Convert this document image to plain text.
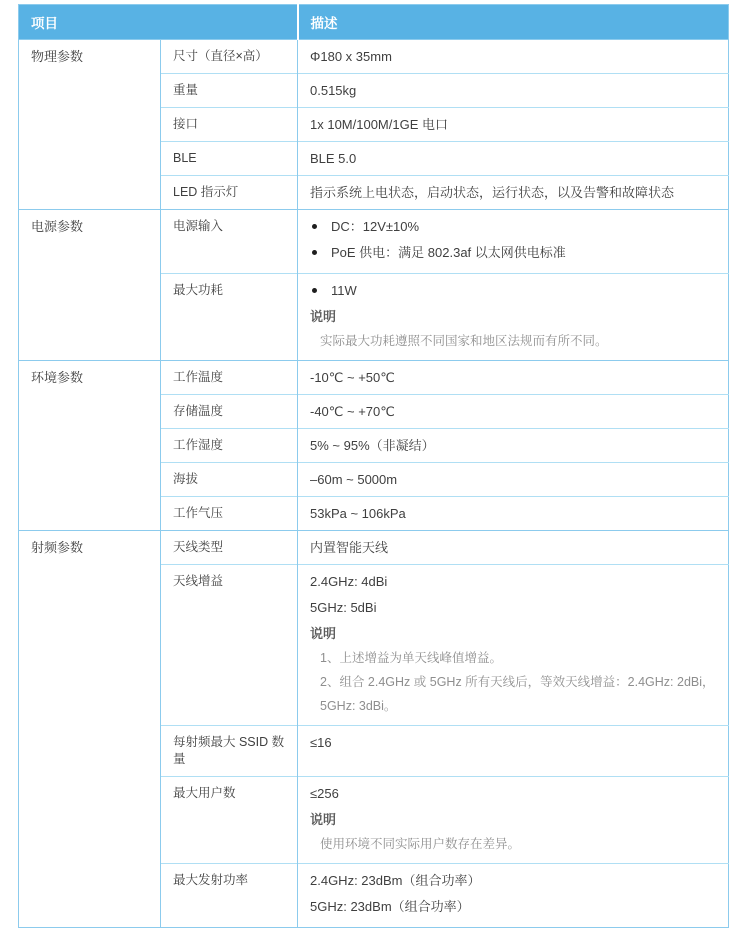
项目		描述
物理参数	尺寸（直径×高）	Φ180 x 35mm
	重量	0.515kg
	接口	1x 10M/100M/1GE 电口
	BLE	BLE 5.0
	LED 指示灯	指示系统上电状态，启动状态，运行状态，以及告警和故障状态
电源参数	电源输入	DC：12V±10%
PoE 供电：满足 802.3af 以太网供电标准

	最大功耗	11W
说明
实际最大功耗遵照不同国家和地区法规而有所不同。

环境参数	工作温度	-10℃ ~ +50℃
	存储温度	-40℃ ~ +70℃
	工作湿度	5% ~ 95%（非凝结）
	海拔	–60m ~ 5000m
	工作气压	53kPa ~ 106kPa
射频参数	天线类型	内置智能天线
	天线增益	2.4GHz: 4dBi
5GHz: 5dBi
说明
1、上述增益为单天线峰值增益。
2、组合 2.4GHz 或 5GHz 所有天线后，等效天线增益：2.4GHz: 2dBi，5GHz: 3dBi。

	每射频最大 SSID 数量	≤16
	最大用户数	≤256
说明
使用环境不同实际用户数存在差异。

	最大发射功率	2.4GHz: 23dBm（组合功率）
5GHz: 23dBm（组合功率）
